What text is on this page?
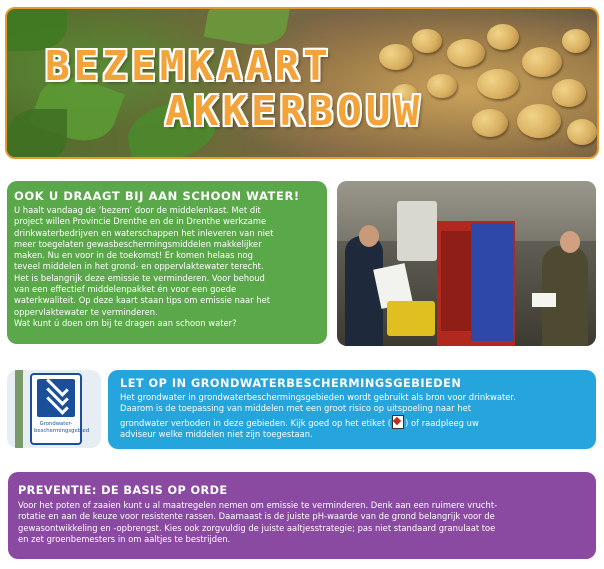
BEZEMKAART
AKKERBOUW
OOK U DRAAGT BIJ AAN SCHOON WATER!

U haalt vandaag de ‘bezem’ door de middelenkast. Met dit
project willen Provincie Drenthe en de in Drenthe werkzame
drinkwaterbedrijven en waterschappen het inleveren van niet
meer toegelaten gewasbeschermingsmiddelen makkelijker
maken. Nu en voor in de toekomst! Er komen helaas nog
teveel middelen in het grond- en oppervlaktewater terecht.
Het is belangrijk deze emissie te verminderen. Voor behoud
van een effectief middelenpakket én voor een goede
waterkwaliteit. Op deze kaart staan tips om emissie naar het
oppervlaktewater te verminderen.
Wat kunt ú doen om bij te dragen aan schoon water?

Grondwater-
beschermingsgebied
LET OP IN GRONDWATERBESCHERMINGSGEBIEDEN

Het grondwater in grondwaterbeschermingsgebieden wordt gebruikt als bron voor drinkwater.
Daarom is de toepassing van middelen met een groot risico op uitspoeling naar het
grondwater verboden in deze gebieden. Kijk goed op het etiket ( ) of raadpleeg uw
adviseur welke middelen niet zijn toegestaan.

PREVENTIE: DE BASIS OP ORDE

Voor het poten of zaaien kunt u al maatregelen nemen om emissie te verminderen. Denk aan een ruimere vrucht-
rotatie en aan de keuze voor resistente rassen. Daarnaast is de juiste pH-waarde van de grond belangrijk voor de
gewasontwikkeling en -opbrengst. Kies ook zorgvuldig de juiste aaltjesstrategie; pas niet standaard granulaat toe
en zet groenbemesters in om aaltjes te bestrijden.
